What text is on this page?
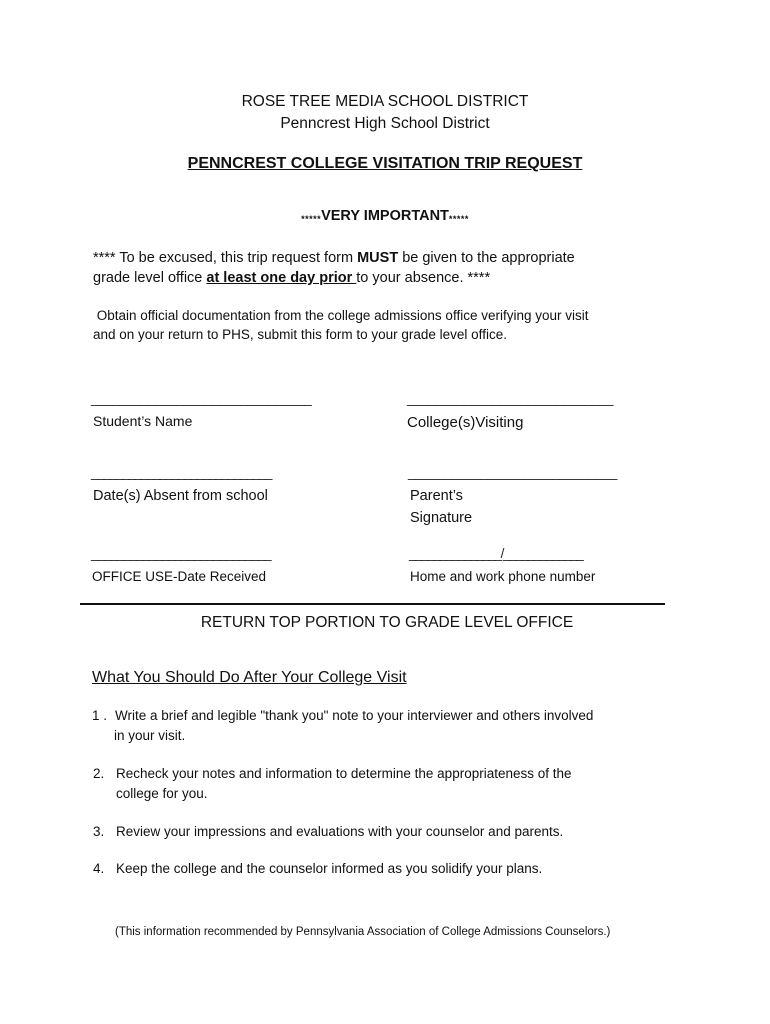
ROSE TREE MEDIA SCHOOL DISTRICT
Penncrest High School District
PENNCREST COLLEGE VISITATION TRIP REQUEST
*****VERY IMPORTANT*****
**** To be excused, this trip request form MUST be given to the appropriate
grade level office at least one day prior to your absence. ****
Obtain official documentation from the college admissions office verifying your visit
and on your return to PHS, submit this form to your grade level office.
_______________________________
Student’s Name
_____________________________
College(s)Visiting
_____________________________
Date(s) Absent from school
_____________________________
Parent’s
Signature
____________________________
OFFICE USE-Date Received
_______________/_____________
Home and work phone number
RETURN TOP PORTION TO GRADE LEVEL OFFICE
What You Should Do After Your College Visit
1 . Write a brief and legible "thank you" note to your interviewer and others involved
in your visit.
2. Recheck your notes and information to determine the appropriateness of the
college for you.
3. Review your impressions and evaluations with your counselor and parents.
4. Keep the college and the counselor informed as you solidify your plans.
(This information recommended by Pennsylvania Association of College Admissions Counselors.)
